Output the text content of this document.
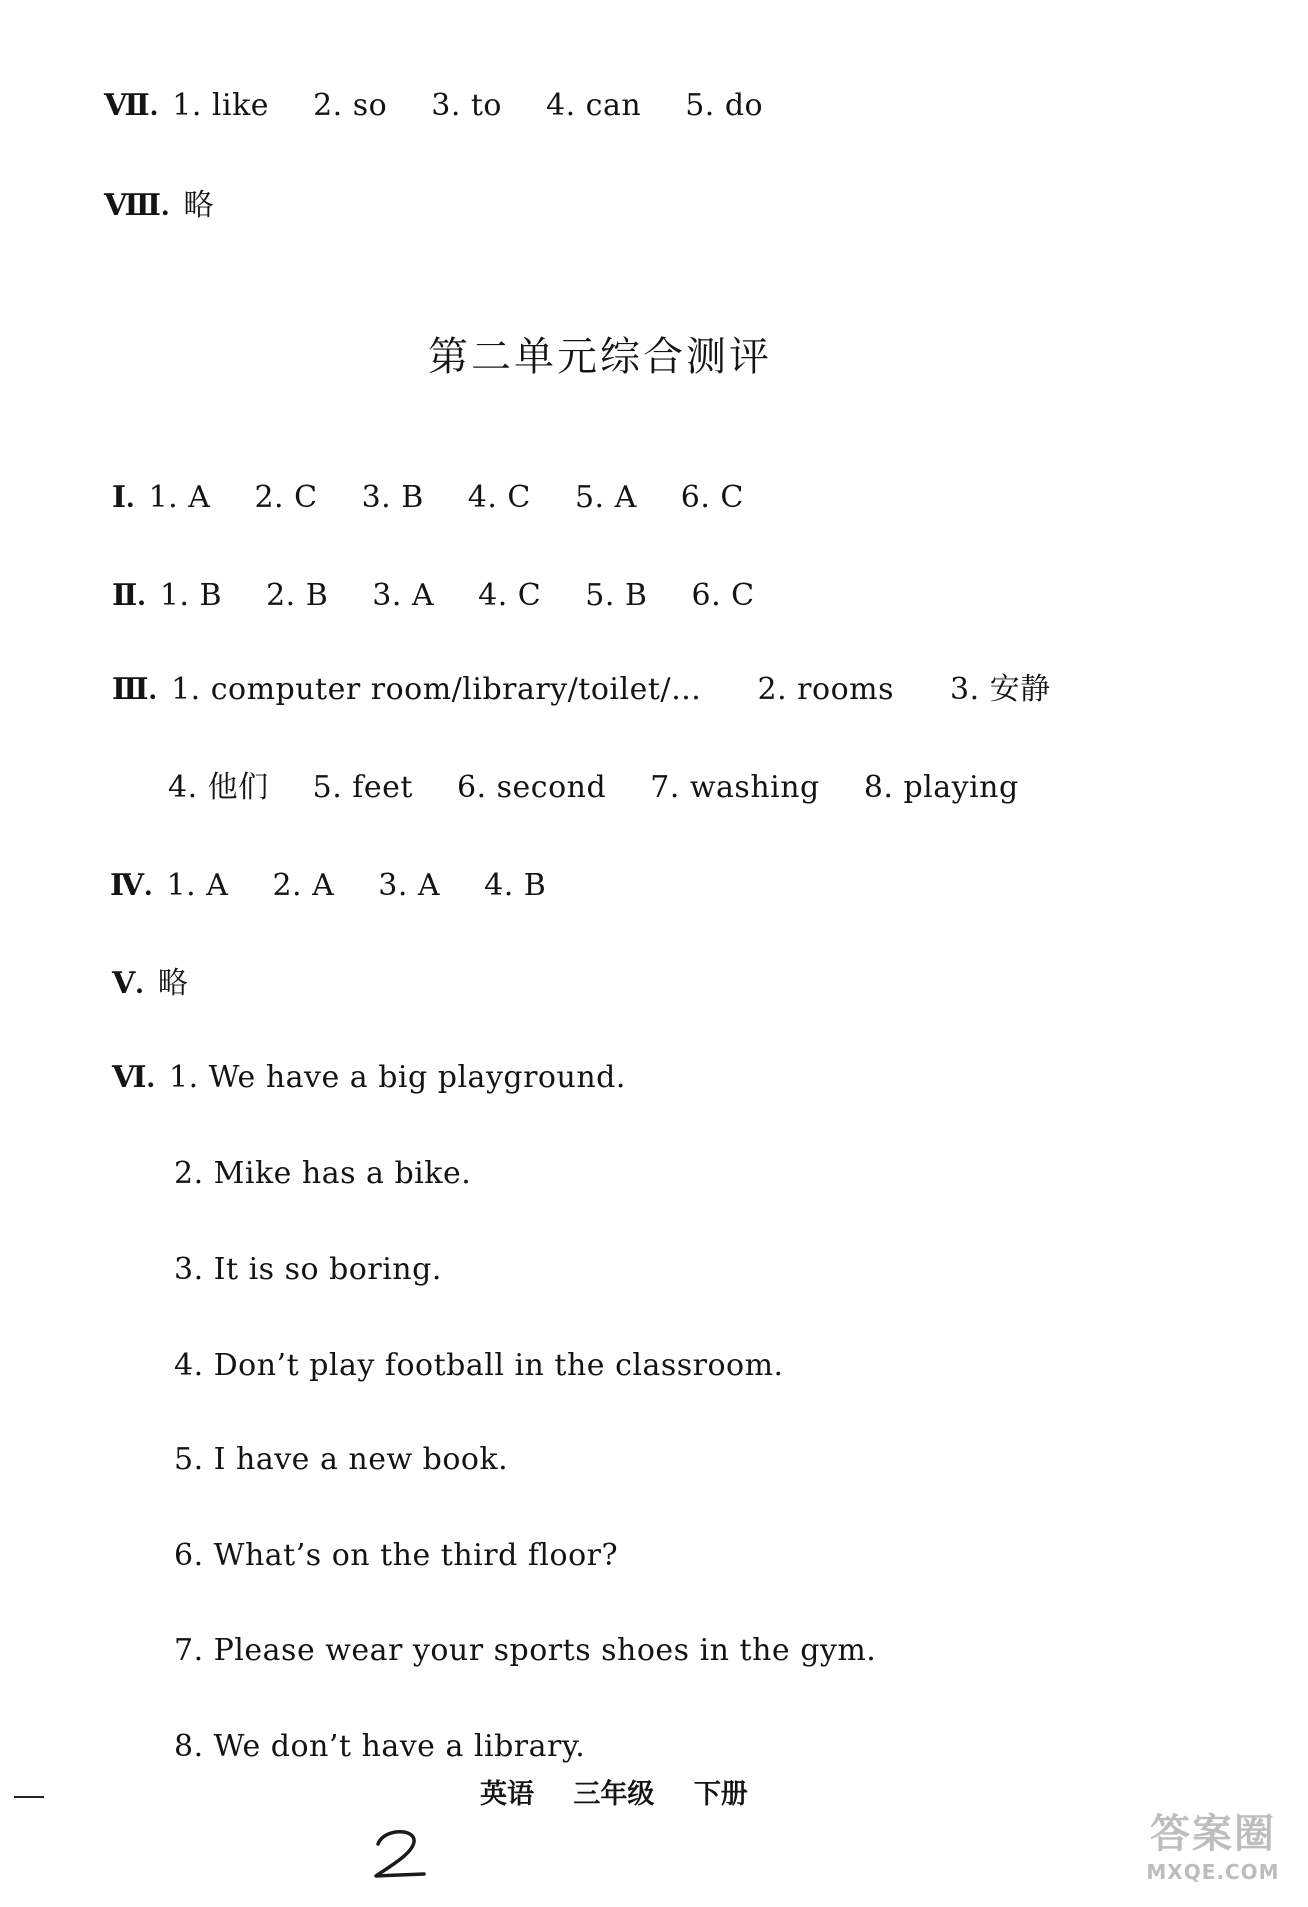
Ⅶ. 1. like 2. so 3. to 4. can 5. do
Ⅷ. 略
第二单元综合测评
Ⅰ. 1. A 2. C 3. B 4. C 5. A 6. C
Ⅱ. 1. B 2. B 3. A 4. C 5. B 6. C
Ⅲ. 1. computer room/library/toilet/… 2. rooms 3. 安静
4. 他们 5. feet 6. second 7. washing 8. playing
Ⅳ. 1. A 2. A 3. A 4. B
Ⅴ. 略
Ⅵ. 1. We have a big playground.
2. Mike has a bike.
3. It is so boring.
4. Don’t play football in the classroom.
5. I have a new book.
6. What’s on the third floor?
7. Please wear your sports shoes in the gym.
8. We don’t have a library.
英语 三年级 下册
答案圈
MXQE.COM
